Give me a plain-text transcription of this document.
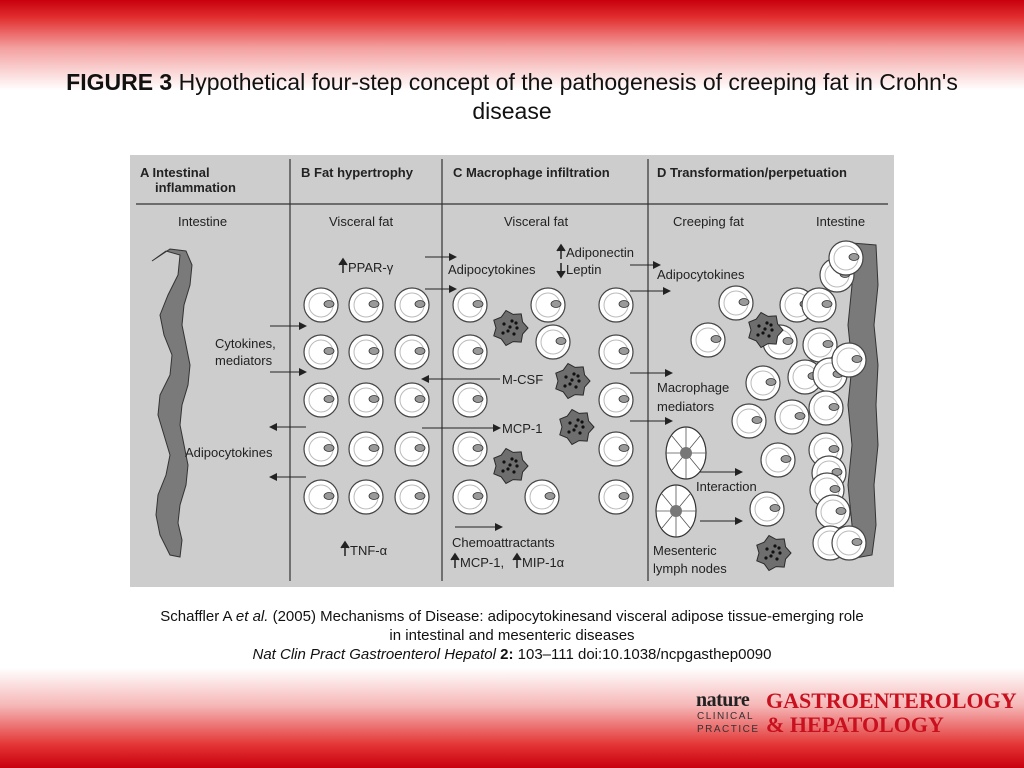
FIGURE 3 Hypothetical four-step concept of the pathogenesis of creeping fat in Crohn's disease
A Intestinal
inflammation
B Fat hypertrophy	C Macrophage infiltration	D Transformation/perpetuation
Intestine	Visceral fat	Visceral fat	Creeping fat	Intestine
PPAR-γ
Adiponectin
Leptin
Adipocytokines	Adipocytokines
Cytokines,
mediators
M-CSF
Macrophage
mediators
MCP-1
Adipocytokines
Interaction
TNF-α
Chemoattractants
MCP-1, MIP-1α
Mesenteric
lymph nodes
Schaffler A et al. (2005) Mechanisms of Disease: adipocytokinesand visceral adipose tissue-emerging role
in intestinal and mesenteric diseases
Nat Clin Pract Gastroenterol Hepatol 2: 103–111 doi:10.1038/ncpgasthep0090
nature
CLINICAL
PRACTICE
GASTROENTEROLOGY
& HEPATOLOGY
